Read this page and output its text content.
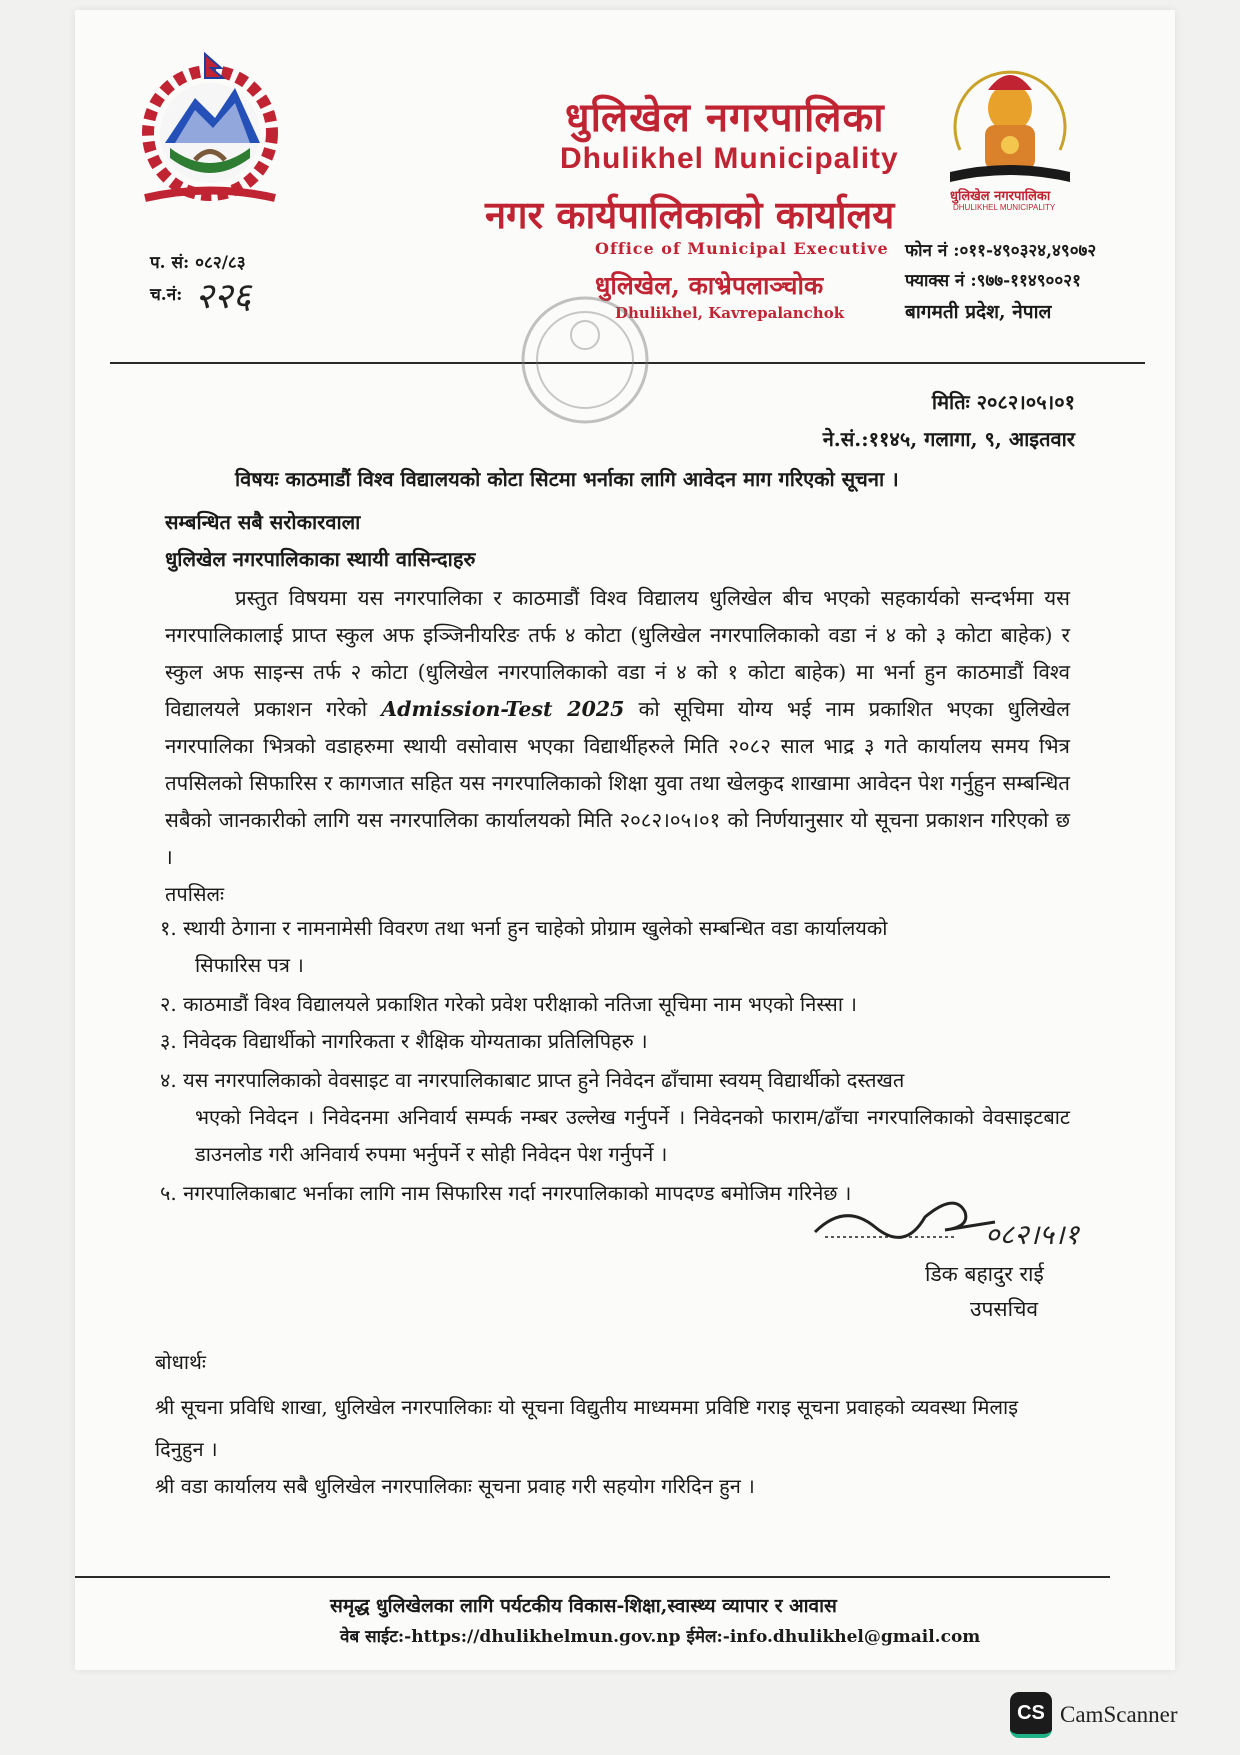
धुलिखेल नगरपालिका
DHULIKHEL MUNICIPALITY
धुलिखेल नगरपालिका
Dhulikhel Municipality
नगर कार्यपालिकाको कार्यालय
Office of Municipal Executive
धुलिखेल, काभ्रेपलाञ्चोक
Dhulikhel, Kavrepalanchok
प. सं: ०८२/८३
च.नं: २२६
फोन नं :०११-४९०३२४,४९०७२
फ्याक्स नं :९७७-११४९००२१
बागमती प्रदेश, नेपाल
मितिः २०८२।०५।०१
ने.सं.:११४५, गलागा, ९, आइतवार
विषयः काठमाडौं विश्व विद्यालयको कोटा सिटमा भर्नाका लागि आवेदन माग गरिएको सूचना ।
सम्बन्धित सबै सरोकारवाला
धुलिखेल नगरपालिकाका स्थायी वासिन्दाहरु
प्रस्तुत विषयमा यस नगरपालिका र काठमाडौं विश्व विद्यालय धुलिखेल बीच भएको सहकार्यको सन्दर्भमा यस नगरपालिकालाई प्राप्त स्कुल अफ इञ्जिनीयरिङ तर्फ ४ कोटा (धुलिखेल नगरपालिकाको वडा नं ४ को ३ कोटा बाहेक) र स्कुल अफ साइन्स तर्फ २ कोटा (धुलिखेल नगरपालिकाको वडा नं ४ को १ कोटा बाहेक) मा भर्ना हुन काठमाडौं विश्व विद्यालयले प्रकाशन गरेको Admission-Test 2025 को सूचिमा योग्य भई नाम प्रकाशित भएका धुलिखेल नगरपालिका भित्रको वडाहरुमा स्थायी वसोवास भएका विद्यार्थीहरुले मिति २०८२ साल भाद्र ३ गते कार्यालय समय भित्र तपसिलको सिफारिस र कागजात सहित यस नगरपालिकाको शिक्षा युवा तथा खेलकुद शाखामा आवेदन पेश गर्नुहुन सम्बन्धित सबैको जानकारीको लागि यस नगरपालिका कार्यालयको मिति २०८२।०५।०१ को निर्णयानुसार यो सूचना प्रकाशन गरिएको छ ।
तपसिलः
१. स्थायी ठेगाना र नामनामेसी विवरण तथा भर्ना हुन चाहेको प्रोग्राम खुलेको सम्बन्धित वडा कार्यालयको
सिफारिस पत्र ।
२. काठमाडौं विश्व विद्यालयले प्रकाशित गरेको प्रवेश परीक्षाको नतिजा सूचिमा नाम भएको निस्सा ।
३. निवेदक विद्यार्थीको नागरिकता र शैक्षिक योग्यताका प्रतिलिपिहरु ।
४. यस नगरपालिकाको वेवसाइट वा नगरपालिकाबाट प्राप्त हुने निवेदन ढाँचामा स्वयम् विद्यार्थीको दस्तखत
भएको निवेदन । निवेदनमा अनिवार्य सम्पर्क नम्बर उल्लेख गर्नुपर्ने । निवेदनको फाराम/ढाँचा नगरपालिकाको वेवसाइटबाट डाउनलोड गरी अनिवार्य रुपमा भर्नुपर्ने र सोही निवेदन पेश गर्नुपर्ने ।
५. नगरपालिकाबाट भर्नाका लागि नाम सिफारिस गर्दा नगरपालिकाको मापदण्ड बमोजिम गरिनेछ ।
०८२।५।१
डिक बहादुर राई
उपसचिव
बोधार्थः
श्री सूचना प्रविधि शाखा, धुलिखेल नगरपालिकाः यो सूचना विद्युतीय माध्यममा प्रविष्टि गराइ सूचना प्रवाहको व्यवस्था मिलाइ दिनुहुन ।
श्री वडा कार्यालय सबै धुलिखेल नगरपालिकाः सूचना प्रवाह गरी सहयोग गरिदिन हुन ।
समृद्ध धुलिखेलका लागि पर्यटकीय विकास-शिक्षा,स्वास्थ्य व्यापार र आवास
वेब साईट:-https://dhulikhelmun.gov.np ईमेल:-info.dhulikhel@gmail.com
CS CamScanner
